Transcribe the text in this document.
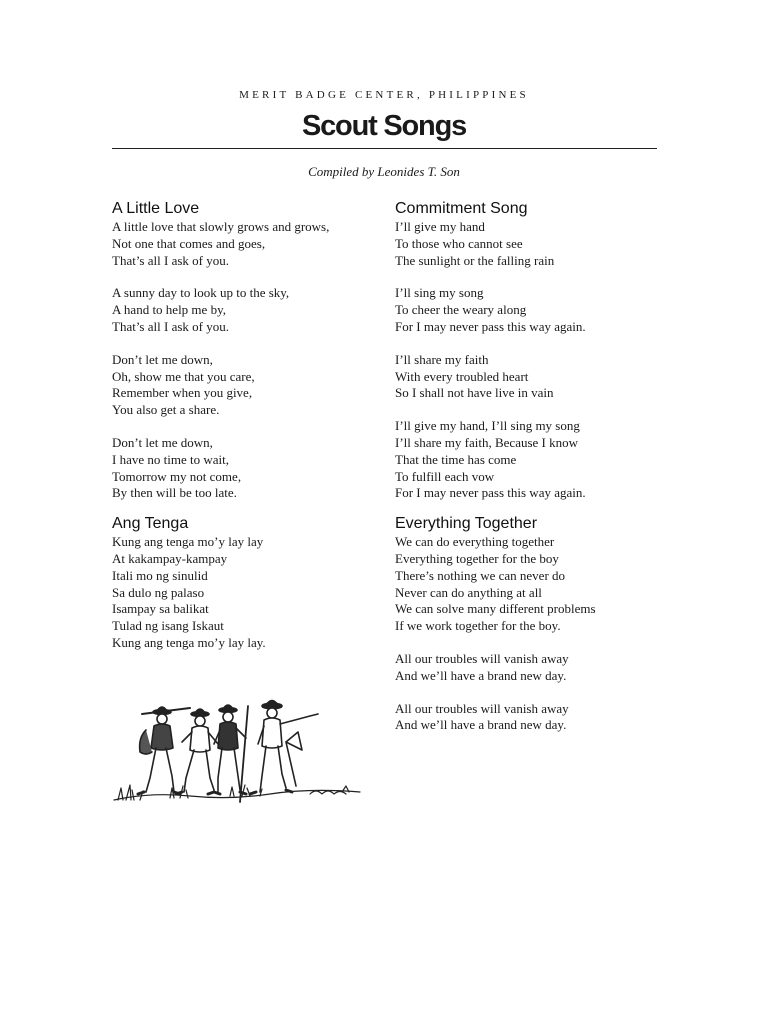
MERIT BADGE CENTER, PHILIPPINES
Scout Songs
Compiled by Leonides T. Son
A Little Love
A little love that slowly grows and grows,
Not one that comes and goes,
That’s all I ask of you.
A sunny day to look up to the sky,
A hand to help me by,
That’s all I ask of you.
Don’t let me down,
Oh, show me that you care,
Remember when you give,
You also get a share.
Don’t let me down,
I have no time to wait,
Tomorrow my not come,
By then will be too late.
Ang Tenga
Kung ang tenga mo’y lay lay
At kakampay-kampay
Itali mo ng sinulid
Sa dulo ng palaso
Isampay sa balikat
Tulad ng isang Iskaut
Kung ang tenga mo’y lay lay.
Commitment Song
I’ll give my hand
To those who cannot see
The sunlight or the falling rain
I’ll sing my song
To cheer the weary along
For I may never pass this way again.
I’ll share my faith
With every troubled heart
So I shall not have live in vain
I’ll give my hand, I’ll sing my song
I’ll share my faith, Because I know
That the time has come
To fulfill each vow
For I may never pass this way again.
Everything Together
We can do everything together
Everything together for the boy
There’s nothing we can never do
Never can do anything at all
We can solve many different problems
If we work together for the boy.
All our troubles will vanish away
And we’ll have a brand new day.
All our troubles will vanish away
And we’ll have a brand new day.
